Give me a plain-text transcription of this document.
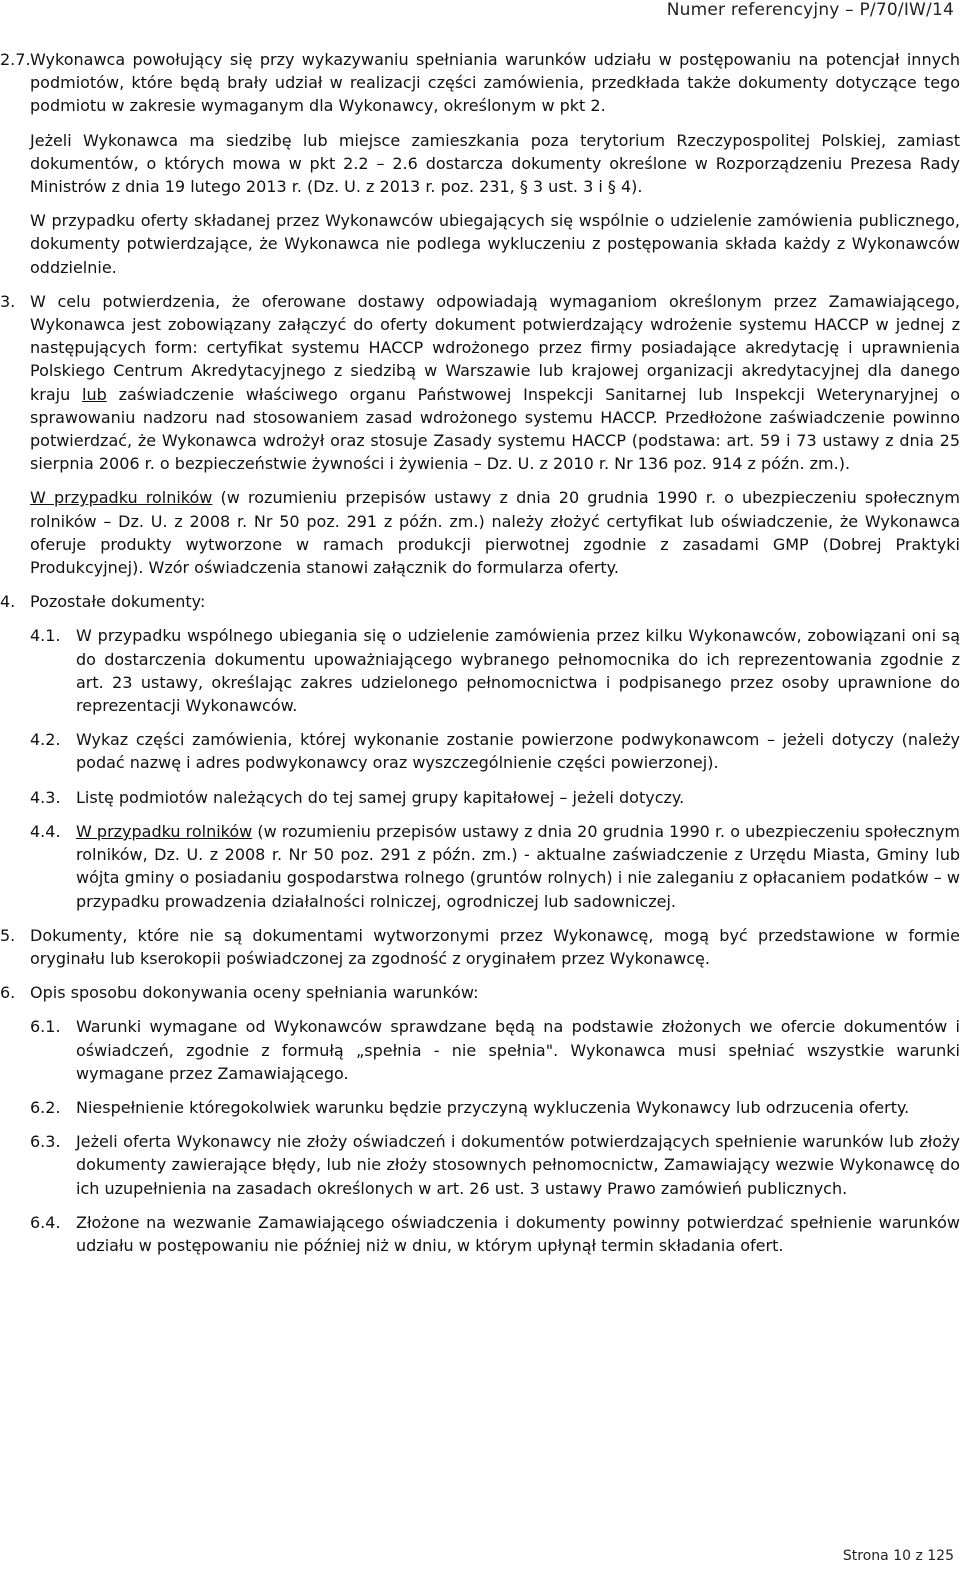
Numer referencyjny – P/70/IW/14
2.7. Wykonawca powołujący się przy wykazywaniu spełniania warunków udziału w postępowaniu na potencjał innych podmiotów, które będą brały udział w realizacji części zamówienia, przedkłada także dokumenty dotyczące tego podmiotu w zakresie wymaganym dla Wykonawcy, określonym w pkt 2.

Jeżeli Wykonawca ma siedzibę lub miejsce zamieszkania poza terytorium Rzeczypospolitej Polskiej, zamiast dokumentów, o których mowa w pkt 2.2 – 2.6 dostarcza dokumenty określone w Rozporządzeniu Prezesa Rady Ministrów z dnia 19 lutego 2013 r. (Dz. U. z 2013 r. poz. 231, § 3 ust. 3 i § 4).

W przypadku oferty składanej przez Wykonawców ubiegających się wspólnie o udzielenie zamówienia publicznego, dokumenty potwierdzające, że Wykonawca nie podlega wykluczeniu z postępowania składa każdy z Wykonawców oddzielnie.

3. W celu potwierdzenia, że oferowane dostawy odpowiadają wymaganiom określonym przez Zamawiającego, Wykonawca jest zobowiązany załączyć do oferty dokument potwierdzający wdrożenie systemu HACCP w jednej z następujących form: certyfikat systemu HACCP wdrożonego przez firmy posiadające akredytację i uprawnienia Polskiego Centrum Akredytacyjnego z siedzibą w Warszawie lub krajowej organizacji akredytacyjnej dla danego kraju lub zaświadczenie właściwego organu Państwowej Inspekcji Sanitarnej lub Inspekcji Weterynaryjnej o sprawowaniu nadzoru nad stosowaniem zasad wdrożonego systemu HACCP. Przedłożone zaświadczenie powinno potwierdzać, że Wykonawca wdrożył oraz stosuje Zasady systemu HACCP (podstawa: art. 59 i 73 ustawy z dnia 25 sierpnia 2006 r. o bezpieczeństwie żywności i żywienia – Dz. U. z 2010 r. Nr 136 poz. 914 z późn. zm.).

W przypadku rolników (w rozumieniu przepisów ustawy z dnia 20 grudnia 1990 r. o ubezpieczeniu społecznym rolników – Dz. U. z 2008 r. Nr 50 poz. 291 z późn. zm.) należy złożyć certyfikat lub oświadczenie, że Wykonawca oferuje produkty wytworzone w ramach produkcji pierwotnej zgodnie z zasadami GMP (Dobrej Praktyki Produkcyjnej). Wzór oświadczenia stanowi załącznik do formularza oferty.

4. Pozostałe dokumenty:

4.1. W przypadku wspólnego ubiegania się o udzielenie zamówienia przez kilku Wykonawców, zobowiązani oni są do dostarczenia dokumentu upoważniającego wybranego pełnomocnika do ich reprezentowania zgodnie z art. 23 ustawy, określając zakres udzielonego pełnomocnictwa i podpisanego przez osoby uprawnione do reprezentacji Wykonawców.

4.2. Wykaz części zamówienia, której wykonanie zostanie powierzone podwykonawcom – jeżeli dotyczy (należy podać nazwę i adres podwykonawcy oraz wyszczególnienie części powierzonej).

4.3. Listę podmiotów należących do tej samej grupy kapitałowej – jeżeli dotyczy.

4.4. W przypadku rolników (w rozumieniu przepisów ustawy z dnia 20 grudnia 1990 r. o ubezpieczeniu społecznym rolników, Dz. U. z 2008 r. Nr 50 poz. 291 z późn. zm.) - aktualne zaświadczenie z Urzędu Miasta, Gminy lub wójta gminy o posiadaniu gospodarstwa rolnego (gruntów rolnych) i nie zaleganiu z opłacaniem podatków – w przypadku prowadzenia działalności rolniczej, ogrodniczej lub sadowniczej.

5. Dokumenty, które nie są dokumentami wytworzonymi przez Wykonawcę, mogą być przedstawione w formie oryginału lub kserokopii poświadczonej za zgodność z oryginałem przez Wykonawcę.

6. Opis sposobu dokonywania oceny spełniania warunków:

6.1. Warunki wymagane od Wykonawców sprawdzane będą na podstawie złożonych we ofercie dokumentów i oświadczeń, zgodnie z formułą „spełnia - nie spełnia". Wykonawca musi spełniać wszystkie warunki wymagane przez Zamawiającego.

6.2. Niespełnienie któregokolwiek warunku będzie przyczyną wykluczenia Wykonawcy lub odrzucenia oferty.

6.3. Jeżeli oferta Wykonawcy nie złoży oświadczeń i dokumentów potwierdzających spełnienie warunków lub złoży dokumenty zawierające błędy, lub nie złoży stosownych pełnomocnictw, Zamawiający wezwie Wykonawcę do ich uzupełnienia na zasadach określonych w art. 26 ust. 3 ustawy Prawo zamówień publicznych.

6.4. Złożone na wezwanie Zamawiającego oświadczenia i dokumenty powinny potwierdzać spełnienie warunków udziału w postępowaniu nie później niż w dniu, w którym upłynął termin składania ofert.

Strona 10 z 125
